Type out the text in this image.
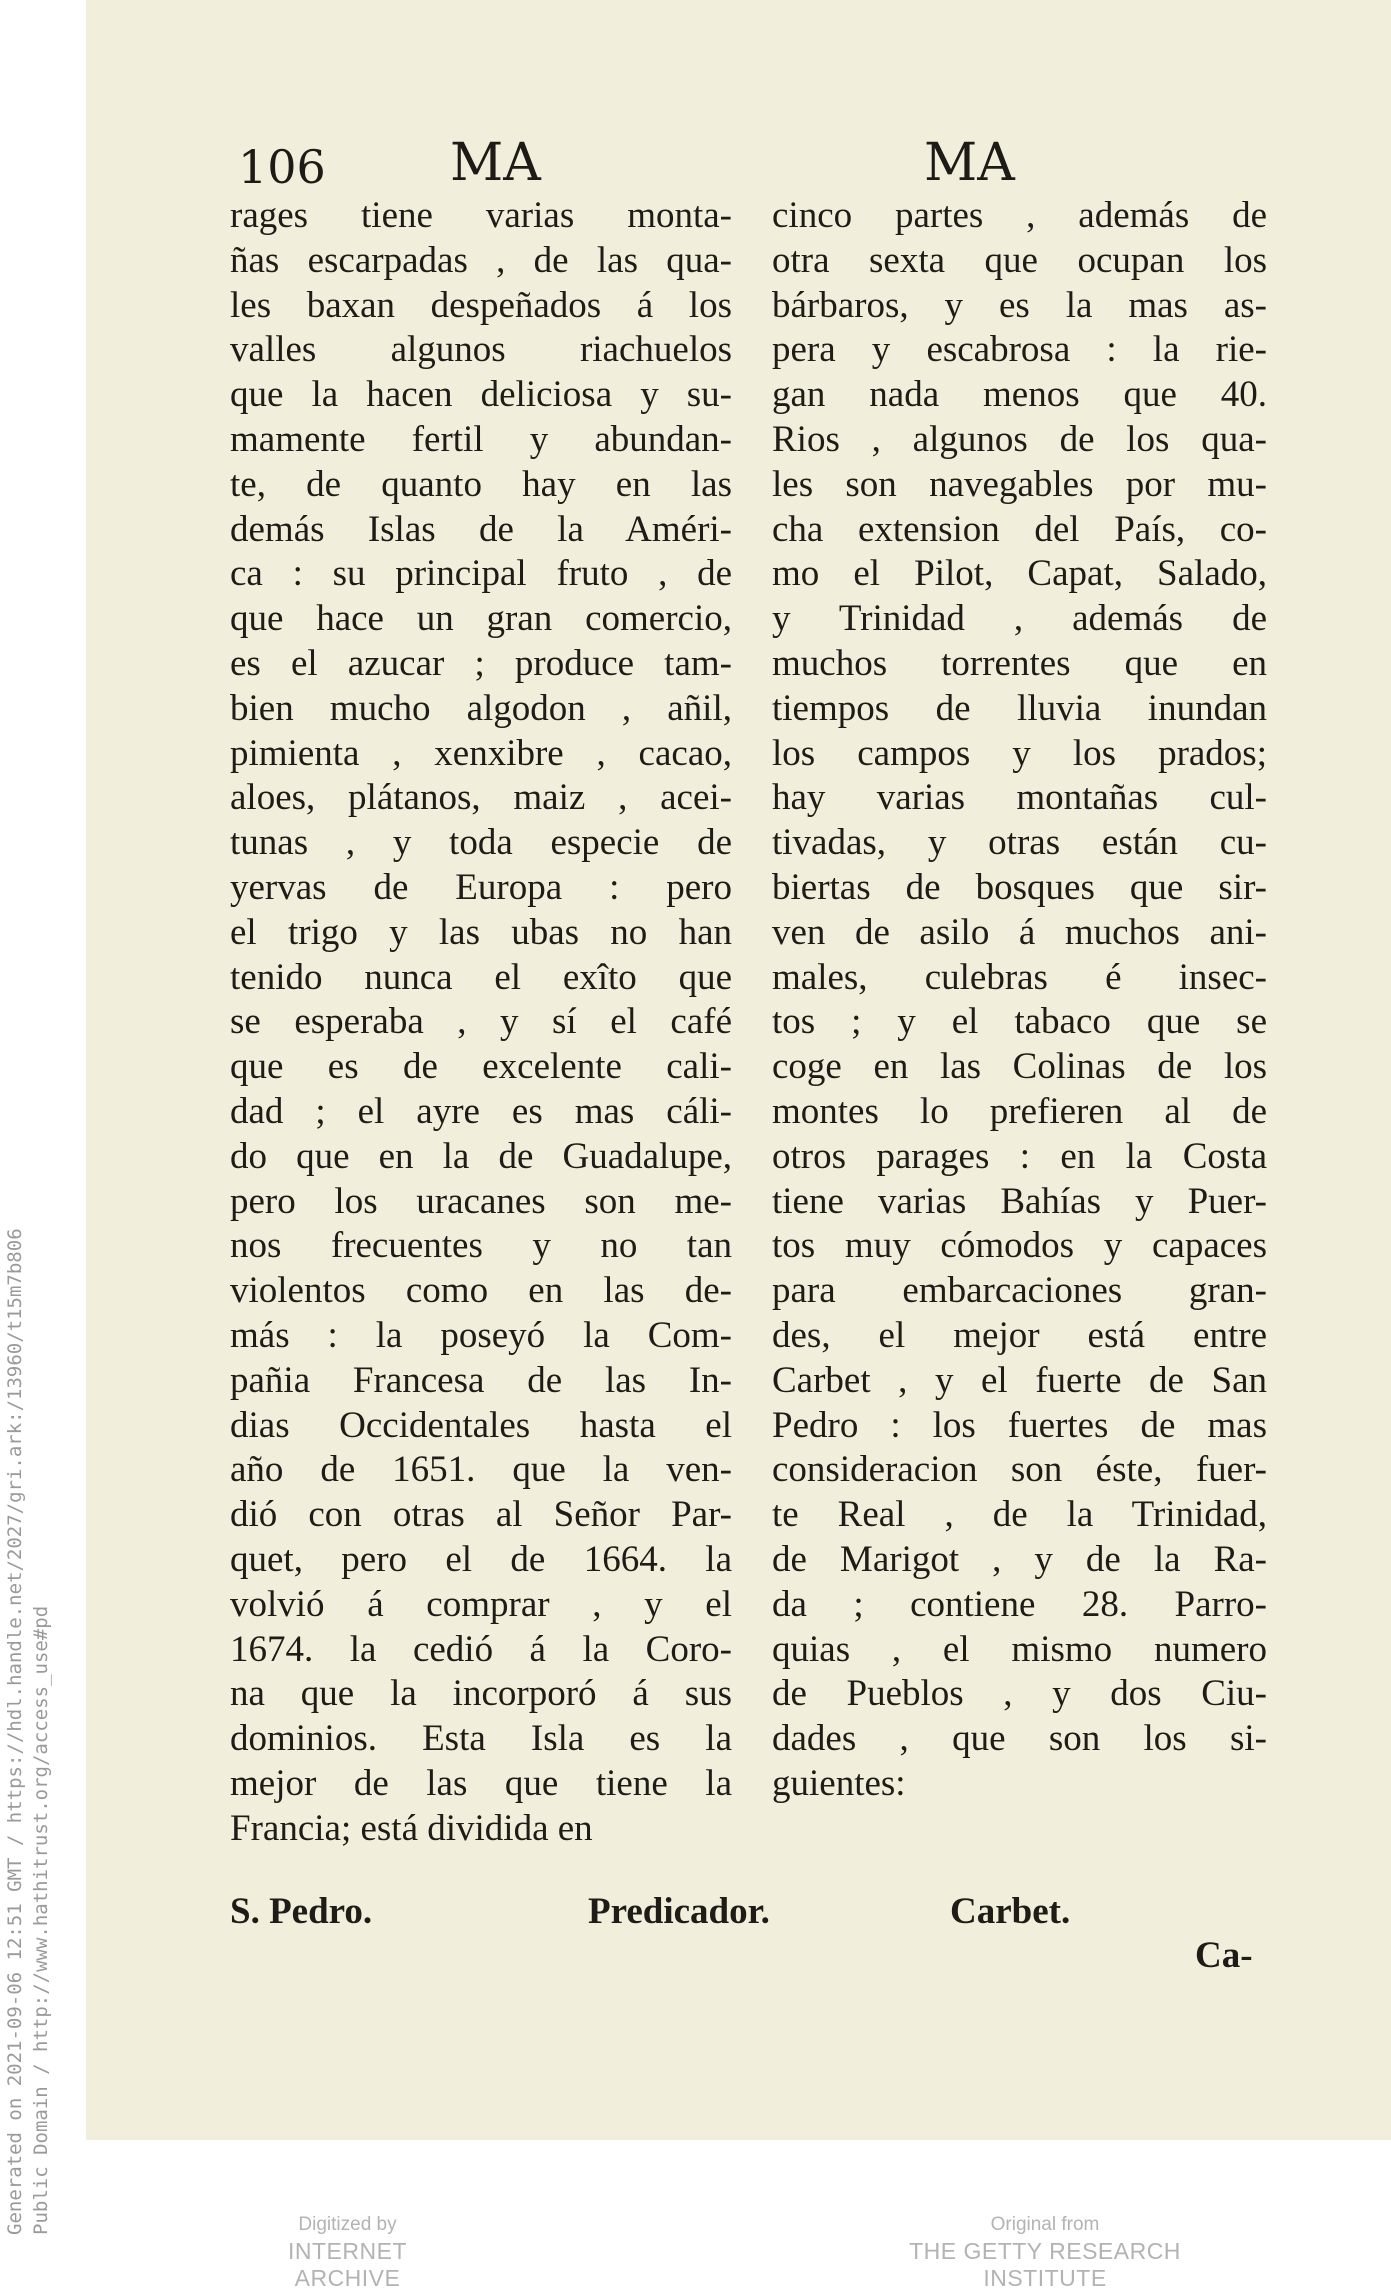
Generated on 2021-09-06 12:51 GMT / https://hdl.handle.net/2027/gri.ark:/13960/t15m7b806 Public Domain / http://www.hathitrust.org/access_use#pd
106 MA	MA
rages tiene varias monta-
ñas escarpadas , de las qua-
les baxan despeñados á los
valles algunos riachuelos
que la hacen deliciosa y su-
mamente fertil y abundan-
te, de quanto hay en las
demás Islas de la Améri-
ca : su principal fruto , de
que hace un gran comercio,
es el azucar ; produce tam-
bien mucho algodon , añil,
pimienta , xenxibre , cacao,
aloes, plátanos, maiz , acei-
tunas , y toda especie de
yervas de Europa : pero
el trigo y las ubas no han
tenido nunca el exîto que
se esperaba , y sí el café
que es de excelente cali-
dad ; el ayre es mas cáli-
do que en la de Guadalupe,
pero los uracanes son me-
nos frecuentes y no tan
violentos como en las de-
más : la poseyó la Com-
pañia Francesa de las In-
dias Occidentales hasta el
año de 1651. que la ven-
dió con otras al Señor Par-
quet, pero el de 1664. la
volvió á comprar , y el
1674. la cedió á la Coro-
na que la incorporó á sus
dominios. Esta Isla es la
mejor de las que tiene la
Francia; está dividida en
cinco partes , además de
otra sexta que ocupan los
bárbaros, y es la mas as-
pera y escabrosa : la rie-
gan nada menos que 40.
Rios , algunos de los qua-
les son navegables por mu-
cha extension del País, co-
mo el Pilot, Capat, Salado,
y Trinidad , además de
muchos torrentes que en
tiempos de lluvia inundan
los campos y los prados;
hay varias montañas cul-
tivadas, y otras están cu-
biertas de bosques que sir-
ven de asilo á muchos ani-
males, culebras é insec-
tos ; y el tabaco que se
coge en las Colinas de los
montes lo prefieren al de
otros parages : en la Costa
tiene varias Bahías y Puer-
tos muy cómodos y capaces
para embarcaciones gran-
des, el mejor está entre
Carbet , y el fuerte de San
Pedro : los fuertes de mas
consideracion son éste, fuer-
te Real , de la Trinidad,
de Marigot , y de la Ra-
da ; contiene 28. Parro-
quias , el mismo numero
de Pueblos , y dos Ciu-
dades , que son los si-
guientes:
S. Pedro.	Predicador.	Carbet.
Ca-
Digitized by
INTERNET ARCHIVE
Original from
THE GETTY RESEARCH INSTITUTE
